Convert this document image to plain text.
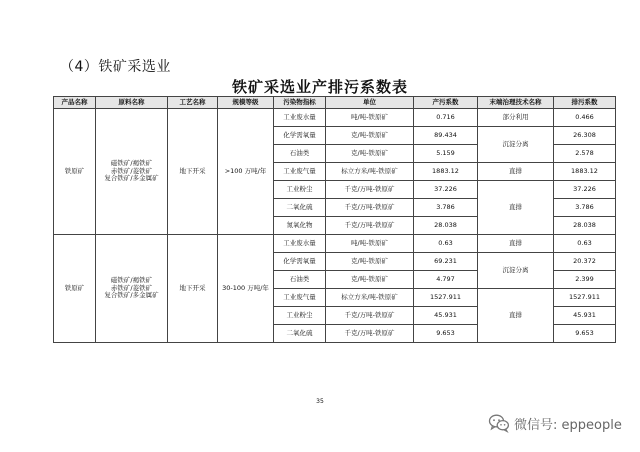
（4）铁矿采选业
铁矿采选业产排污系数表
产品名称	原料名称	工艺名称	规模等级	污染物指标	单位	产污系数	末端治理技术名称	排污系数
铁原矿	磁铁矿/褐铁矿
赤铁矿/菱铁矿
复合铁矿/多金属矿	地下开采	>100 万吨/年	工业废水量	吨/吨-铁原矿	0.716	部分利用	0.466
				化学需氧量	克/吨-铁原矿	89.434	沉淀分离	26.308
				石油类	克/吨-铁原矿	5.159		2.578
				工业废气量	标立方米/吨-铁原矿	1883.12	直排	1883.12
				工业粉尘	千克/万吨-铁原矿	37.226	直排	37.226
				二氧化硫	千克/万吨-铁原矿	3.786		3.786
				氮氧化物	千克/万吨-铁原矿	28.038		28.038
铁原矿	磁铁矿/褐铁矿
赤铁矿/菱铁矿
复合铁矿/多金属矿	地下开采	30-100 万吨/年	工业废水量	吨/吨-铁原矿	0.63	直排	0.63
				化学需氧量	克/吨-铁原矿	69.231	沉淀分离	20.372
				石油类	克/吨-铁原矿	4.797		2.399
				工业废气量	标立方米/吨-铁原矿	1527.911	直排	1527.911
				工业粉尘	千克/万吨-铁原矿	45.931		45.931
				二氧化硫	千克/万吨-铁原矿	9.653		9.653
35
微信号: eppeople
